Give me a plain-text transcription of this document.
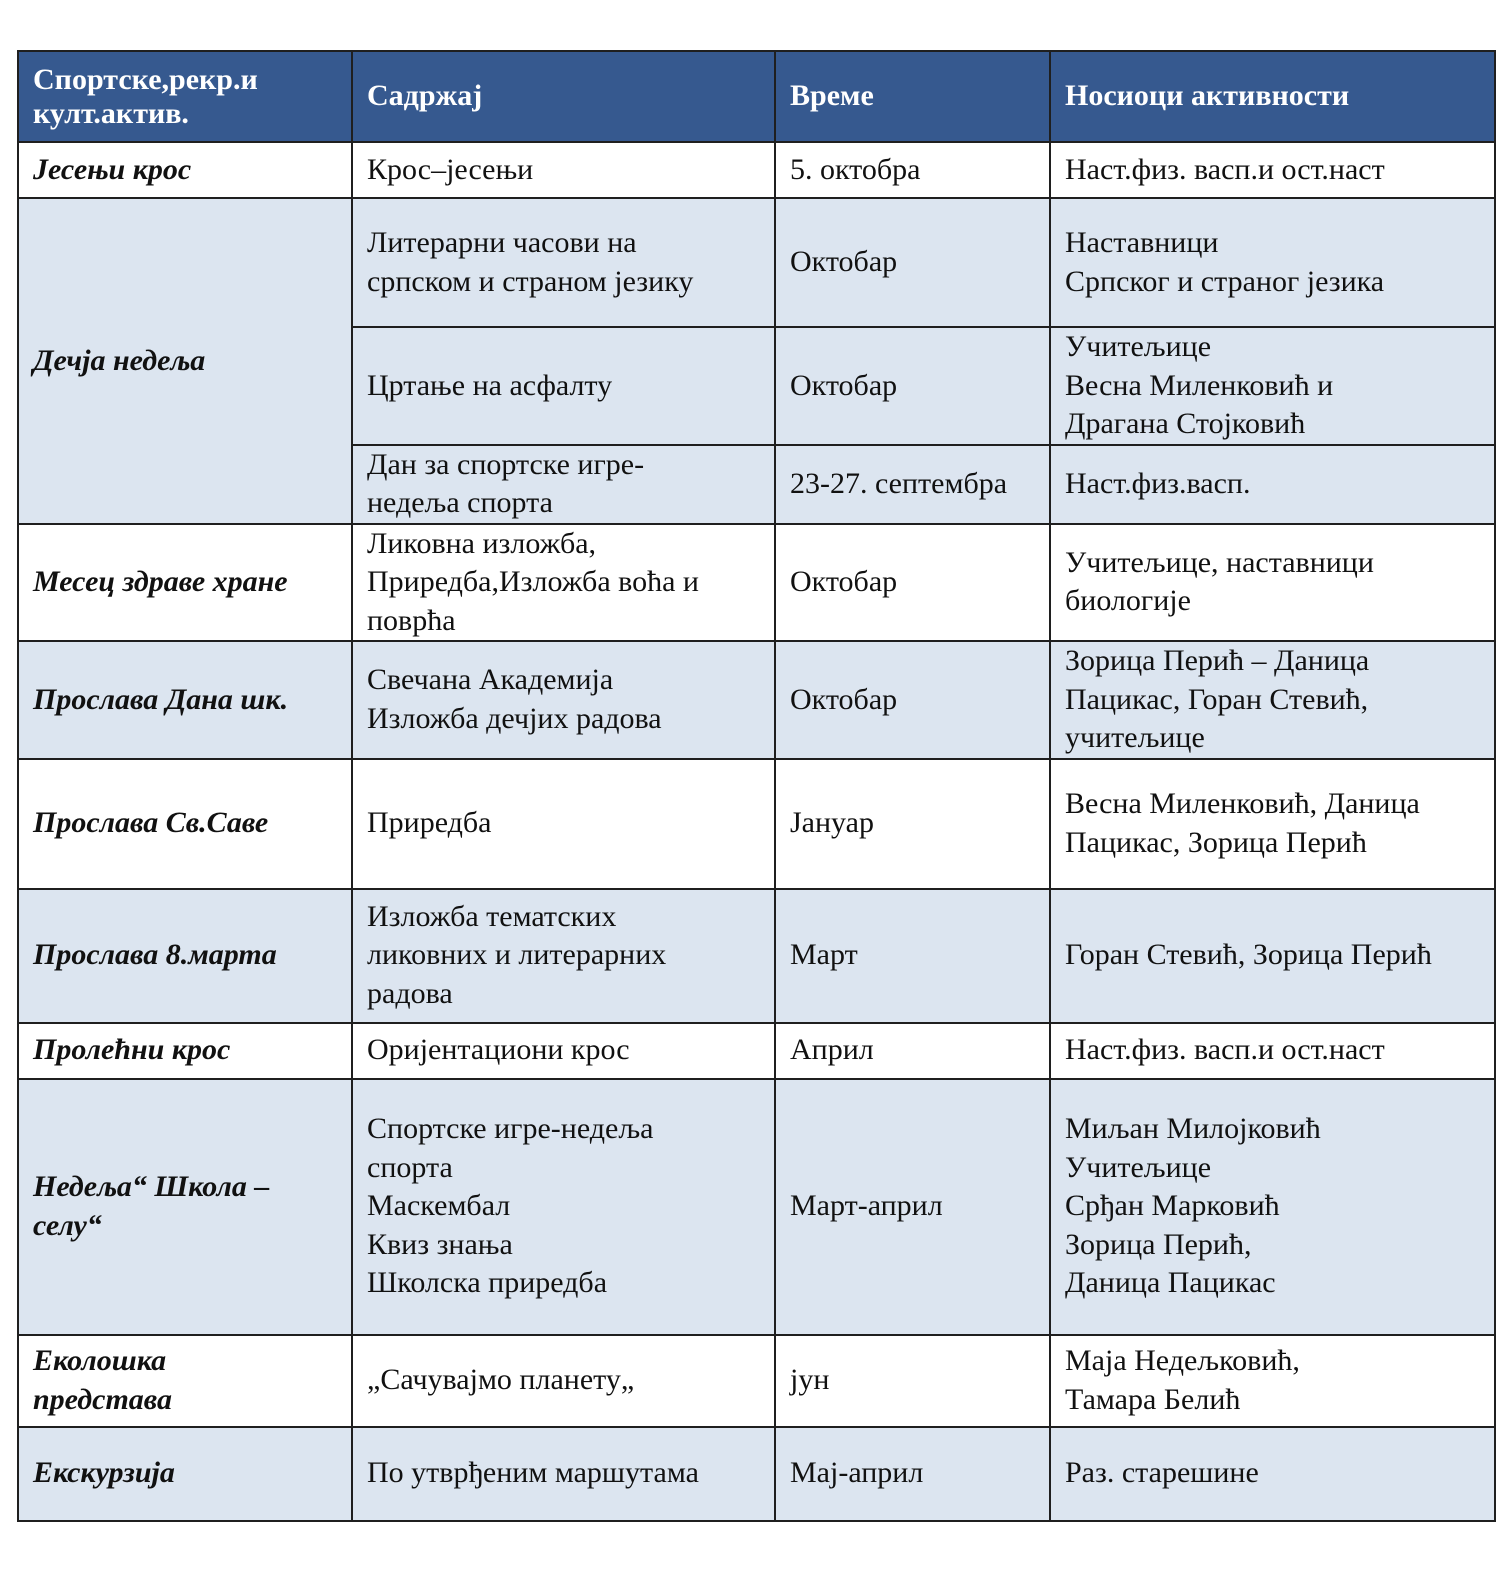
Спортске,рекр.и
култ.актив.	Садржај	Време	Носиоци активности
Јесењи крос	Крос–јесењи	5. октобра	Наст.физ. васп.и ост.наст
Дечја недеља	Литерарни часови на
српском и страном језику	Октобар	Наставници
Српског и страног језика
	Цртање на асфалту	Октобар	Учитељице
Весна Миленковић и
Драгана Стојковић
	Дан за спортске игре-
недеља спорта	23-27. септембра	Наст.физ.васп.
Месец здраве хране	Ликовна изложба,
Приредба,Изложба воћа и
поврћа	Октобар	Учитељице, наставници
биологије
Прослава Дана шк.	Свечана Академија
Изложба дечјих радова	Октобар	Зорица Перић – Даница
Пацикас, Горан Стевић,
учитељице
Прослава Св.Саве	Приредба	Јануар	Весна Миленковић, Даница
Пацикас, Зорица Перић
Прослава 8.марта	Изложба тематских
ликовних и литерарних
радова	Март	Горан Стевић, Зорица Перић
Пролећни крос	Оријентациони крос	Април	Наст.физ. васп.и ост.наст
Недеља“ Школа –
селу“	Спортске игре-недеља
спорта
Маскембал
Квиз знања
Школска приредба	Март-април	Миљан Милојковић
Учитељице
Срђан Марковић
Зорица Перић,
Даница Пацикас
Еколошка
представа	„Сачувајмо планету„	јун	Маја Недељковић,
Тамара Белић
Екскурзија	По утврђеним маршутама	Мај-април	Раз. старешине
